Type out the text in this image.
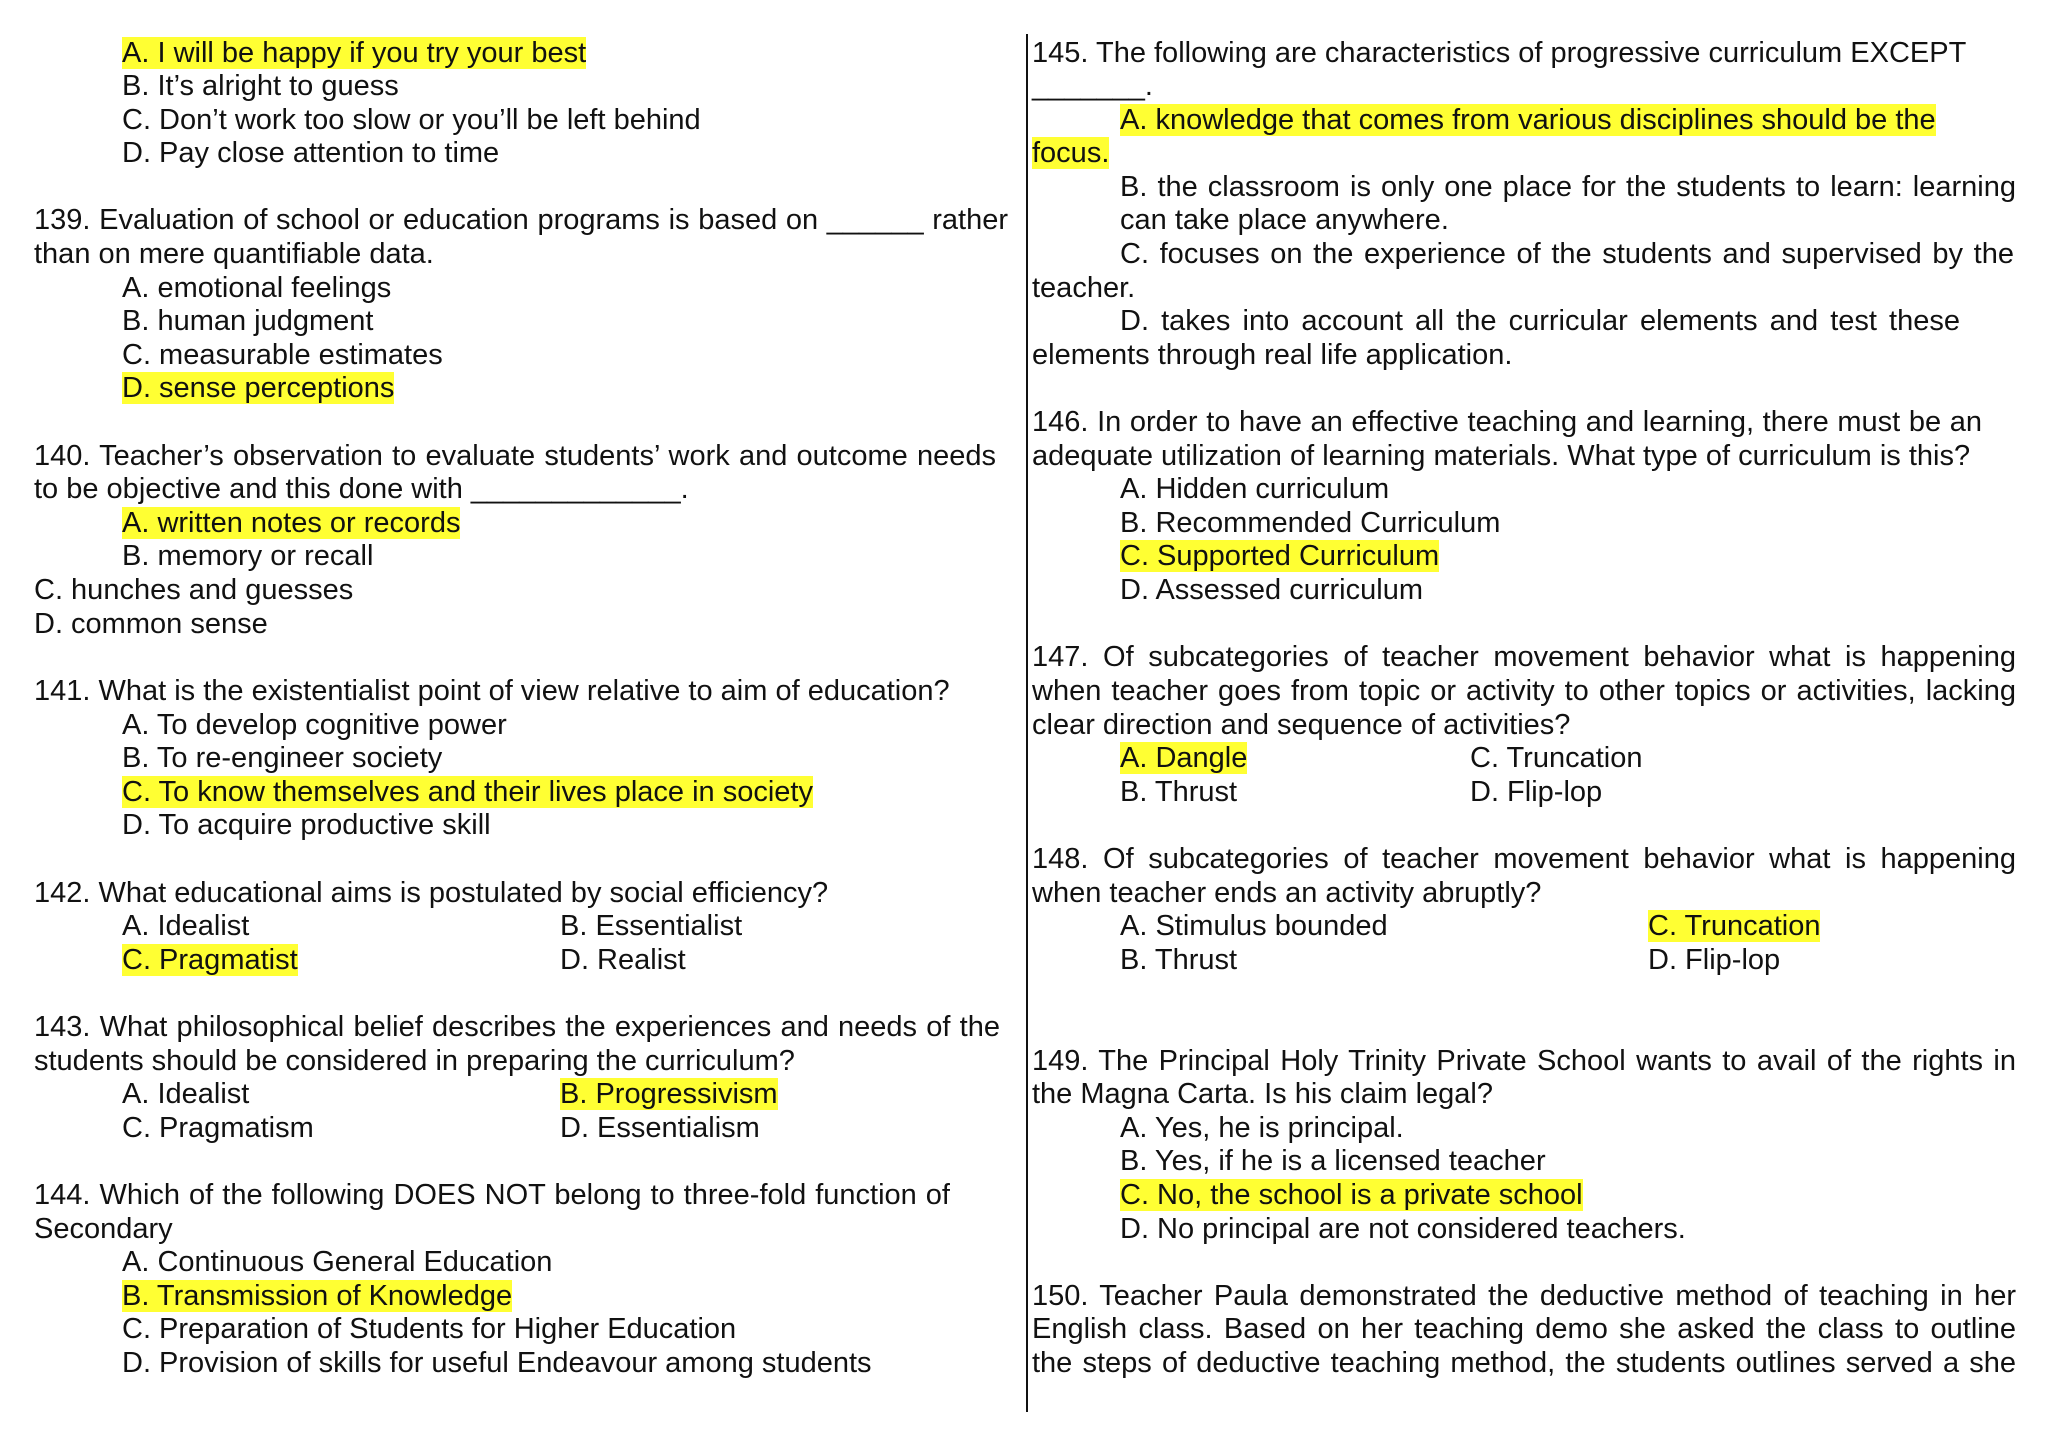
A. I will be happy if you try your best
B. It’s alright to guess
C. Don’t work too slow or you’ll be left behind
D. Pay close attention to time
139. Evaluation of school or education programs is based on ______ rather
than on mere quantifiable data.
A. emotional feelings
B. human judgment
C. measurable estimates
D. sense perceptions
140. Teacher’s observation to evaluate students’ work and outcome needs
to be objective and this done with _____________.
A. written notes or records
B. memory or recall
C. hunches and guesses
D. common sense
141. What is the existentialist point of view relative to aim of education?
A. To develop cognitive power
B. To re-engineer society
C. To know themselves and their lives place in society
D. To acquire productive skill
142. What educational aims is postulated by social efficiency?
A. Idealist	B. Essentialist
C. Pragmatist	D. Realist
143. What philosophical belief describes the experiences and needs of the
students should be considered in preparing the curriculum?
A. Idealist	B. Progressivism
C. Pragmatism	D. Essentialism
144. Which of the following DOES NOT belong to three-fold function of
Secondary
A. Continuous General Education
B. Transmission of Knowledge
C. Preparation of Students for Higher Education
D. Provision of skills for useful Endeavour among students
145. The following are characteristics of progressive curriculum EXCEPT
_______.
A. knowledge that comes from various disciplines should be the
focus.
B. the classroom is only one place for the students to learn: learning
can take place anywhere.
C. focuses on the experience of the students and supervised by the
teacher.
D. takes into account all the curricular elements and test these
elements through real life application.
146. In order to have an effective teaching and learning, there must be an
adequate utilization of learning materials. What type of curriculum is this?
A. Hidden curriculum
B. Recommended Curriculum
C. Supported Curriculum
D. Assessed curriculum
147. Of subcategories of teacher movement behavior what is happening
when teacher goes from topic or activity to other topics or activities, lacking
clear direction and sequence of activities?
A. Dangle	C. Truncation
B. Thrust	D. Flip-lop
148. Of subcategories of teacher movement behavior what is happening
when teacher ends an activity abruptly?
A. Stimulus bounded	C. Truncation
B. Thrust	D. Flip-lop
149. The Principal Holy Trinity Private School wants to avail of the rights in
the Magna Carta. Is his claim legal?
A. Yes, he is principal.
B. Yes, if he is a licensed teacher
C. No, the school is a private school
D. No principal are not considered teachers.
150. Teacher Paula demonstrated the deductive method of teaching in her
English class. Based on her teaching demo she asked the class to outline
the steps of deductive teaching method, the students outlines served a she
